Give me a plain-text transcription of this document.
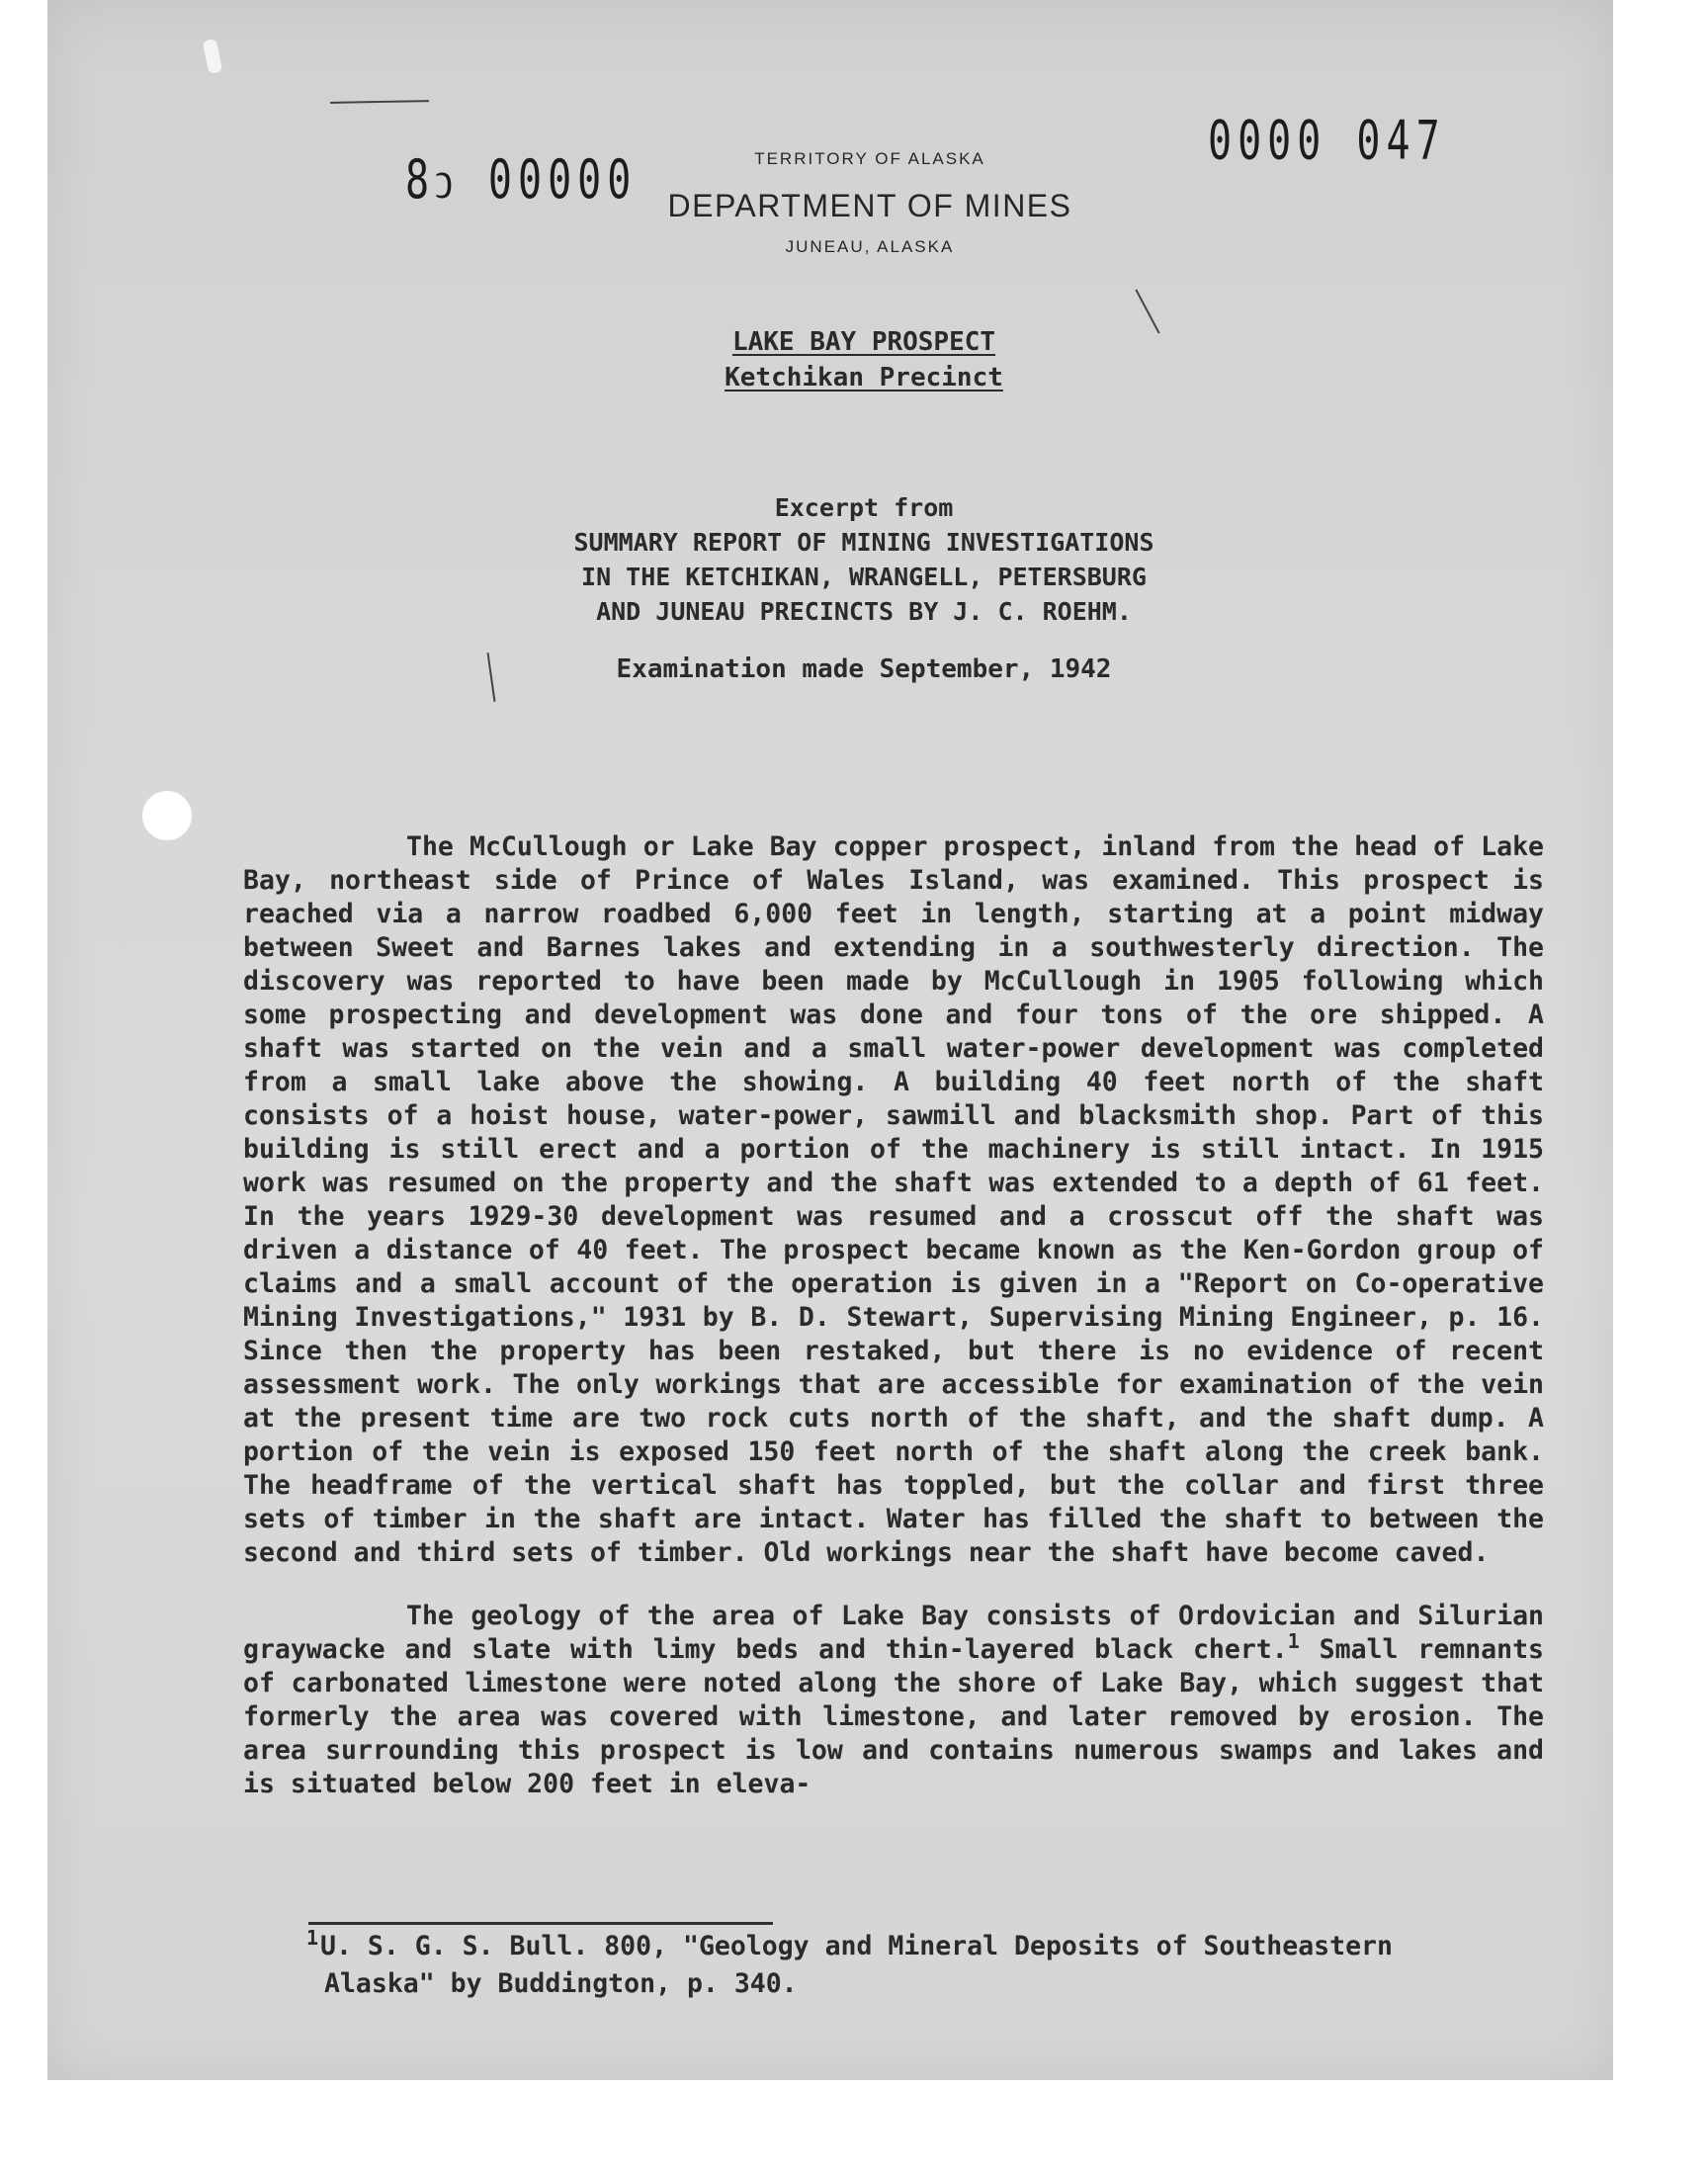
8ↄ 00000
0000 047
TERRITORY OF ALASKA
DEPARTMENT OF MINES
JUNEAU, ALASKA
LAKE BAY PROSPECT
Ketchikan Precinct
Excerpt from
SUMMARY REPORT OF MINING INVESTIGATIONS
IN THE KETCHIKAN, WRANGELL, PETERSBURG
AND JUNEAU PRECINCTS BY J. C. ROEHM.
Examination made September, 1942

The McCullough or Lake Bay copper prospect, inland from the head of Lake Bay, northeast side of Prince of Wales Island, was examined. This prospect is reached via a narrow roadbed 6,000 feet in length, starting at a point midway between Sweet and Barnes lakes and extending in a southwesterly direction. The discovery was reported to have been made by McCullough in 1905 following which some prospecting and development was done and four tons of the ore shipped. A shaft was started on the vein and a small water-power development was completed from a small lake above the showing. A building 40 feet north of the shaft consists of a hoist house, water-power, sawmill and blacksmith shop. Part of this building is still erect and a portion of the machinery is still intact. In 1915 work was resumed on the property and the shaft was extended to a depth of 61 feet. In the years 1929-30 development was resumed and a crosscut off the shaft was driven a distance of 40 feet. The prospect became known as the Ken-Gordon group of claims and a small account of the operation is given in a "Report on Co-operative Mining Investigations," 1931 by B. D. Stewart, Supervising Mining Engineer, p. 16. Since then the property has been restaked, but there is no evidence of recent assessment work. The only workings that are accessible for examination of the vein at the present time are two rock cuts north of the shaft, and the shaft dump. A portion of the vein is exposed 150 feet north of the shaft along the creek bank. The headframe of the vertical shaft has toppled, but the collar and first three sets of timber in the shaft are intact. Water has filled the shaft to between the second and third sets of timber. Old workings near the shaft have become caved.

The geology of the area of Lake Bay consists of Ordovician and Silurian graywacke and slate with limy beds and thin-layered black chert.$^1$ Small remnants of carbonated limestone were noted along the shore of Lake Bay, which suggest that formerly the area was covered with limestone, and later removed by erosion. The area surrounding this prospect is low and contains numerous swamps and lakes and is situated below 200 feet in eleva-

$^1$U. S. G. S. Bull. 800, "Geology and Mineral Deposits of Southeastern
Alaska" by Buddington, p. 340.
